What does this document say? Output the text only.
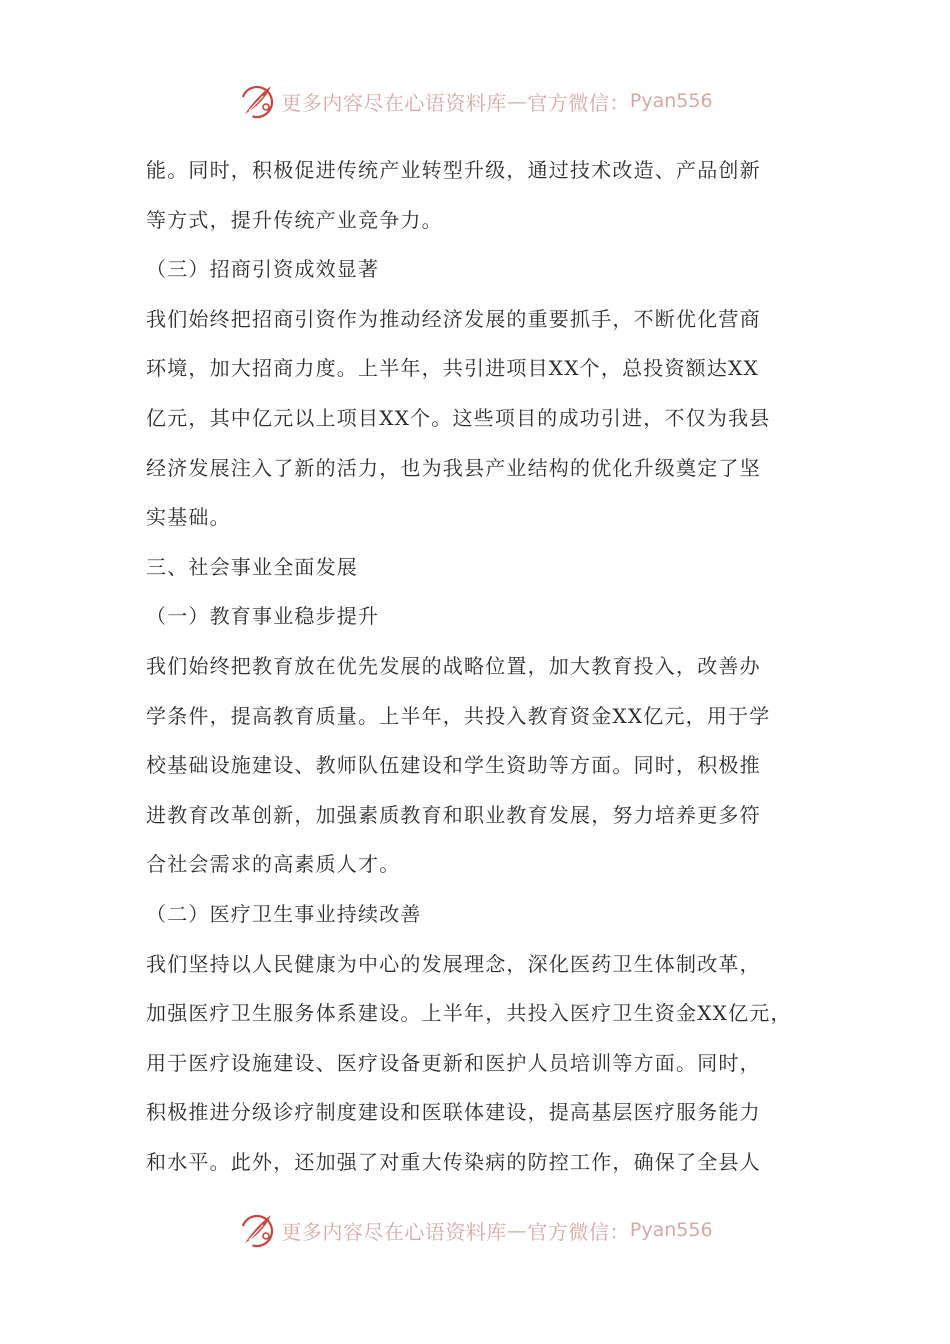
更多内容尽在心语资料库 — 官方微信： Pyan556
能。同时，积极促进传统产业转型升级，通过技术改造、产品创新
等方式，提升传统产业竞争力。
（三）招商引资成效显著
我们始终把招商引资作为推动经济发展的重要抓手，不断优化营商
环境，加大招商力度。上半年，共引进项目XX个，总投资额达XX
亿元，其中亿元以上项目XX个。这些项目的成功引进，不仅为我县
经济发展注入了新的活力，也为我县产业结构的优化升级奠定了坚
实基础。
三、社会事业全面发展
（一）教育事业稳步提升
我们始终把教育放在优先发展的战略位置，加大教育投入，改善办
学条件，提高教育质量。上半年，共投入教育资金XX亿元，用于学
校基础设施建设、教师队伍建设和学生资助等方面。同时，积极推
进教育改革创新，加强素质教育和职业教育发展，努力培养更多符
合社会需求的高素质人才。
（二）医疗卫生事业持续改善
我们坚持以人民健康为中心的发展理念，深化医药卫生体制改革，
加强医疗卫生服务体系建设。上半年，共投入医疗卫生资金XX亿元，
用于医疗设施建设、医疗设备更新和医护人员培训等方面。同时，
积极推进分级诊疗制度建设和医联体建设，提高基层医疗服务能力
和水平。此外，还加强了对重大传染病的防控工作，确保了全县人
更多内容尽在心语资料库 — 官方微信： Pyan556
